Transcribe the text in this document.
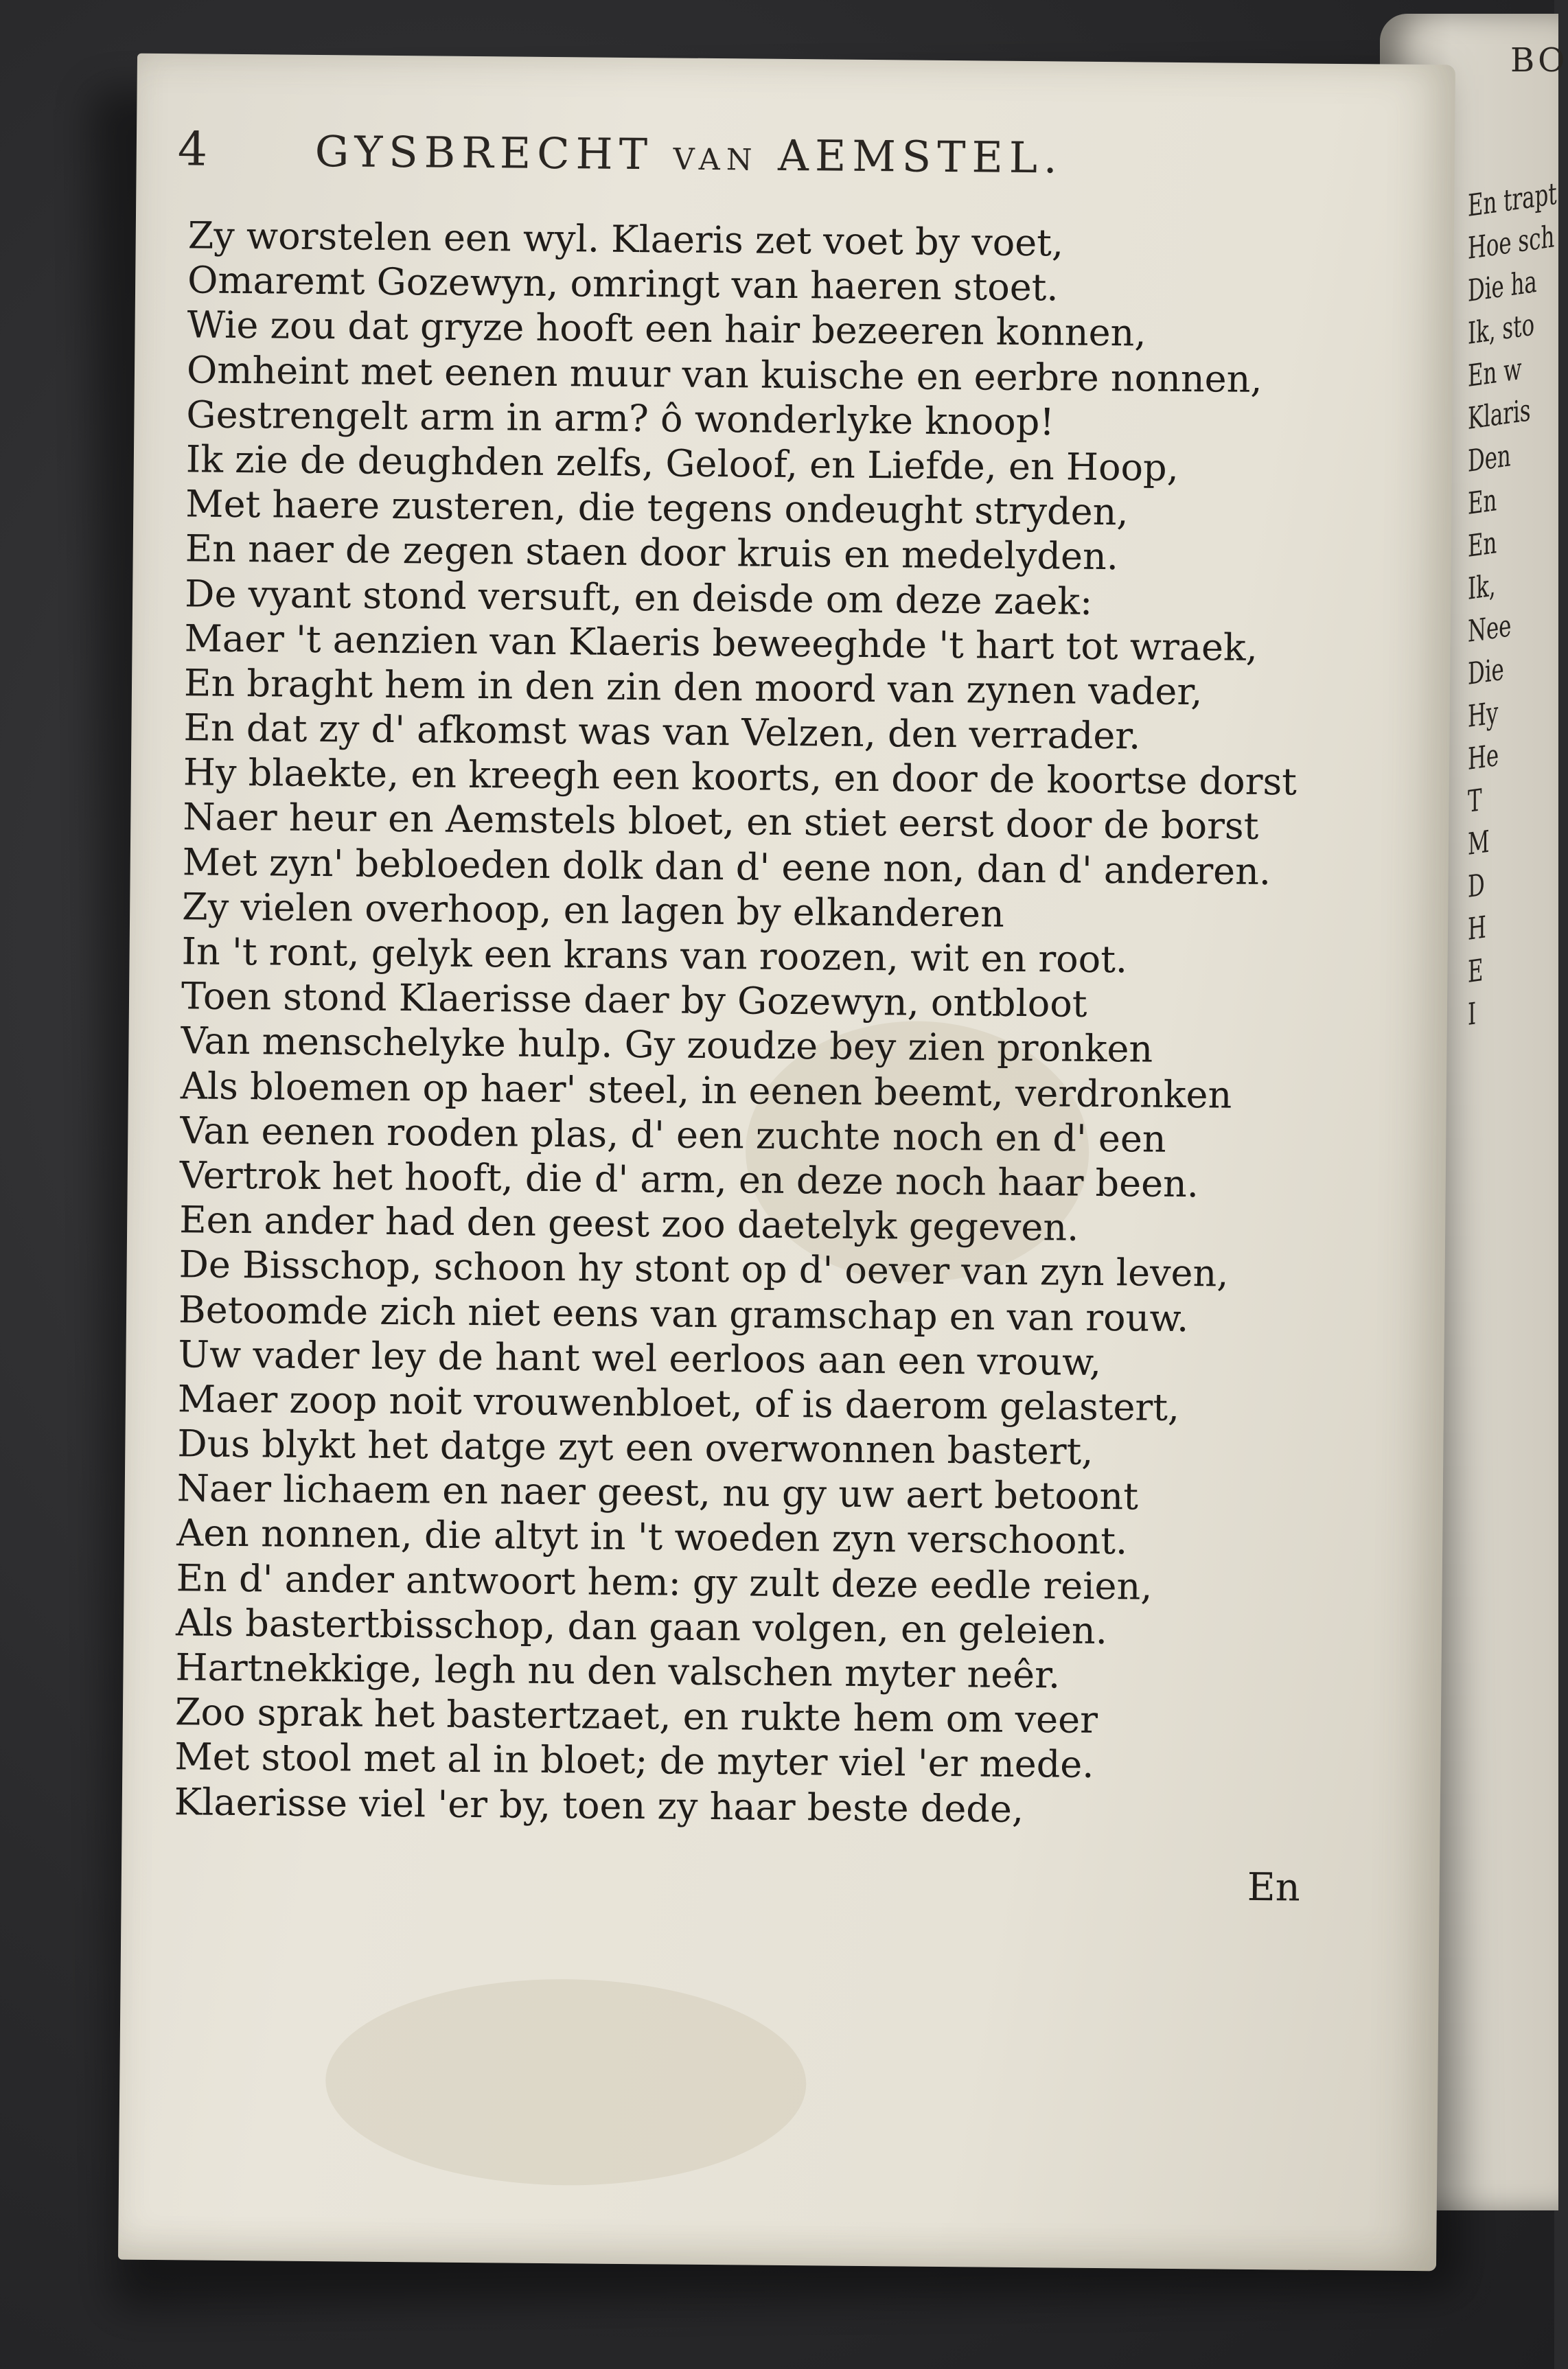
BO
En trapt
Hoe sch
Die ha
Ik, sto
En w
Klaris
Den
En
En
Ik,
Nee
Die
Hy
He
T
M
D
H
E
I
4	GYSBRECHT van AEMSTEL.
Zy worstelen een wyl. Klaeris zet voet by voet,
Omaremt Gozewyn, omringt van haeren stoet.
Wie zou dat gryze hooft een hair bezeeren konnen,
Omheint met eenen muur van kuische en eerbre nonnen,
Gestrengelt arm in arm? ô wonderlyke knoop!
Ik zie de deughden zelfs, Geloof, en Liefde, en Hoop,
Met haere zusteren, die tegens ondeught stryden,
En naer de zegen staen door kruis en medelyden.
De vyant stond versuft, en deisde om deze zaek:
Maer 't aenzien van Klaeris beweeghde 't hart tot wraek,
En braght hem in den zin den moord van zynen vader,
En dat zy d' afkomst was van Velzen, den verrader.
Hy blaekte, en kreegh een koorts, en door de koortse dorst
Naer heur en Aemstels bloet, en stiet eerst door de borst
Met zyn' bebloeden dolk dan d' eene non, dan d' anderen.
Zy vielen overhoop, en lagen by elkanderen
In 't ront, gelyk een krans van roozen, wit en root.
Toen stond Klaerisse daer by Gozewyn, ontbloot
Van menschelyke hulp. Gy zoudze bey zien pronken
Als bloemen op haer' steel, in eenen beemt, verdronken
Van eenen rooden plas, d' een zuchte noch en d' een
Vertrok het hooft, die d' arm, en deze noch haar been.
Een ander had den geest zoo daetelyk gegeven.
De Bisschop, schoon hy stont op d' oever van zyn leven,
Betoomde zich niet eens van gramschap en van rouw.
Uw vader ley de hant wel eerloos aan een vrouw,
Maer zoop noit vrouwenbloet, of is daerom gelastert,
Dus blykt het datge zyt een overwonnen bastert,
Naer lichaem en naer geest, nu gy uw aert betoont
Aen nonnen, die altyt in 't woeden zyn verschoont.
En d' ander antwoort hem: gy zult deze eedle reien,
Als bastertbisschop, dan gaan volgen, en geleien.
Hartnekkige, legh nu den valschen myter neêr.
Zoo sprak het bastertzaet, en rukte hem om veer
Met stool met al in bloet; de myter viel 'er mede.
Klaerisse viel 'er by, toen zy haar beste dede,
En
